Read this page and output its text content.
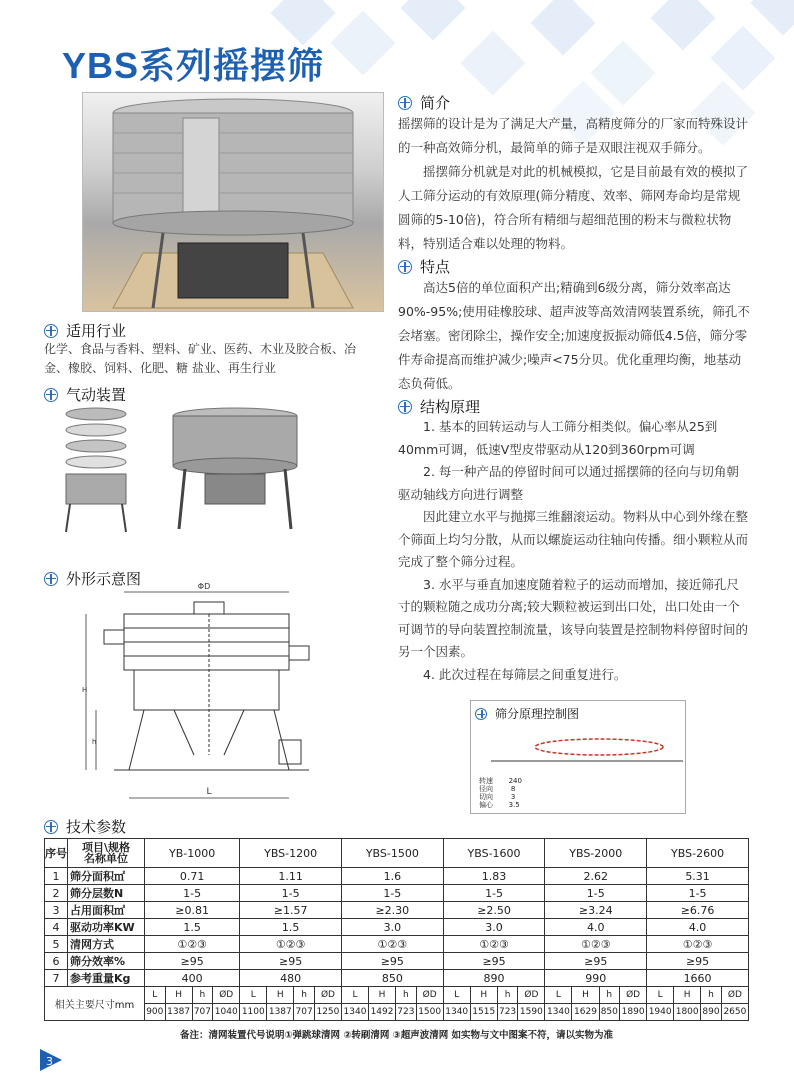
YBS系列摇摆筛
简介

摇摆筛的设计是为了满足大产量，高精度筛分的厂家而特殊设计的一种高效筛分机，最简单的筛子是双眼注视双手筛分。

摇摆筛分机就是对此的机械模拟，它是目前最有效的模拟了人工筛分运动的有效原理(筛分精度、效率、筛网寿命均是常规圆筛的5-10倍)，符合所有精细与超细范围的粉末与微粒状物料，特别适合难以处理的物料。

特点

高达5倍的单位面积产出;精确到6级分离，筛分效率高达90%-95%;使用硅橡胶球、超声波等高效清网装置系统，筛孔不会堵塞。密闭除尘，操作安全;加速度扳振动筛低4.5倍，筛分零件寿命提高而维护减少;噪声<75分贝。优化重理均衡，地基动态负荷低。

结构原理

1. 基本的回转运动与人工筛分相类似。偏心率从25到40mm可调，低速V型皮带驱动从120到360rpm可调

2. 每一种产品的停留时间可以通过摇摆筛的径向与切角朝驱动轴线方向进行调整

因此建立水平与抛掷三维翻滚运动。物料从中心到外缘在整个筛面上均匀分散，从而以螺旋运动往轴向传播。细小颗粒从而完成了整个筛分过程。

3. 水平与垂直加速度随着粒子的运动而增加，接近筛孔尺寸的颗粒随之成功分离;较大颗粒被运到出口处，出口处由一个可调节的导向装置控制流量，该导向装置是控制物料停留时间的 另一个因素。

4. 此次过程在每筛层之间重复进行。

适用行业

化学、食品与香料、塑料、矿业、医药、木业及胶合板、冶金、橡胶、饲料、化肥、糖 盐业、再生行业

气动装置
外形示意图	ΦD
H
h
L
筛分原理控制图
转速 240
径向	8
切向	3
偏心 3.5
技术参数
序号	项目\规格
名称单位	YB-1000				YBS-1200				YBS-1500				YBS-1600				YBS-2000				YBS-2600			
1	筛分面积㎡	0.71				1.11				1.6				1.83				2.62				5.31			
2	筛分层数N	1-5				1-5				1-5				1-5				1-5				1-5			
3	占用面积㎡	≥0.81				≥1.57				≥2.30				≥2.50				≥3.24				≥6.76			
4	驱动功率KW	1.5				1.5				3.0				3.0				4.0				4.0			
5	清网方式	①②③				①②③				①②③				①②③				①②③				①②③			
6	筛分效率%	≥95				≥95				≥95				≥95				≥95				≥95			
7	参考重量Kg	400				480				850				890				990				1660			
相关主要尺寸mm		L	H	h	ØD	L	H	h	ØD	L	H	h	ØD	L	H	h	ØD	L	H	h	ØD	L	H	h	ØD
		900	1387	707	1040	1100	1387	707	1250	1340	1492	723	1500	1340	1515	723	1590	1340	1629	850	1890	1940	1800	890	2650
备注：清网装置代号说明①弹跳球清网 ②转刷清网 ③超声波清网 如实物与文中图案不符，请以实物为准
3
